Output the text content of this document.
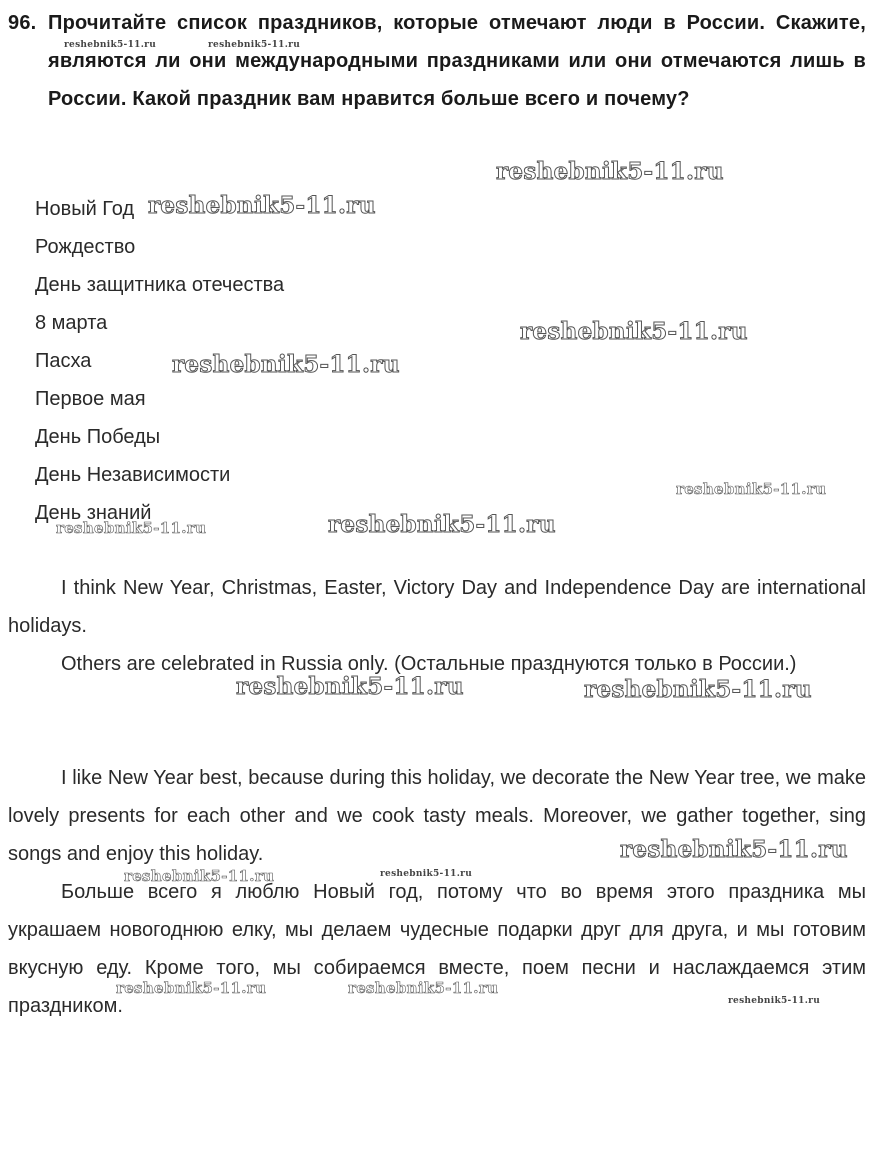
96. Прочитайте список праздников, которые отмечают люди в России. Скажите, являются ли они международными праздниками или они отмечаются лишь в России. Какой праздник вам нравится больше всего и почему?
Новый Год
Рождество
День защитника отечества
8 марта
Пасха
Первое мая
День Победы
День Независимости
День знаний

I think New Year, Christmas, Easter, Victory Day and Independence Day are international holidays.

Others are celebrated in Russia only. (Остальные празднуются только в России.)

I like New Year best, because during this holiday, we decorate the New Year tree, we make lovely presents for each other and we cook tasty meals. Moreover, we gather together, sing songs and enjoy this holiday.

Больше всего я люблю Новый год, потому что во время этого праздника мы украшаем новогоднюю елку, мы делаем чудесные подарки друг для друга, и мы готовим вкусную еду. Кроме того, мы собираемся вместе, поем песни и наслаждаемся этим праздником.

reshebnik5-11.ru	reshebnik5-11.ru
reshebnik5-11.ru
reshebnik5-11.ru
reshebnik5-11.ru
reshebnik5-11.ru
reshebnik5-11.ru
reshebnik5-11.ru	reshebnik5-11.ru
reshebnik5-11.ru	reshebnik5-11.ru
reshebnik5-11.ru
reshebnik5-11.ru	reshebnik5-11.ru
reshebnik5-11.ru	reshebnik5-11.ru
reshebnik5-11.ru
